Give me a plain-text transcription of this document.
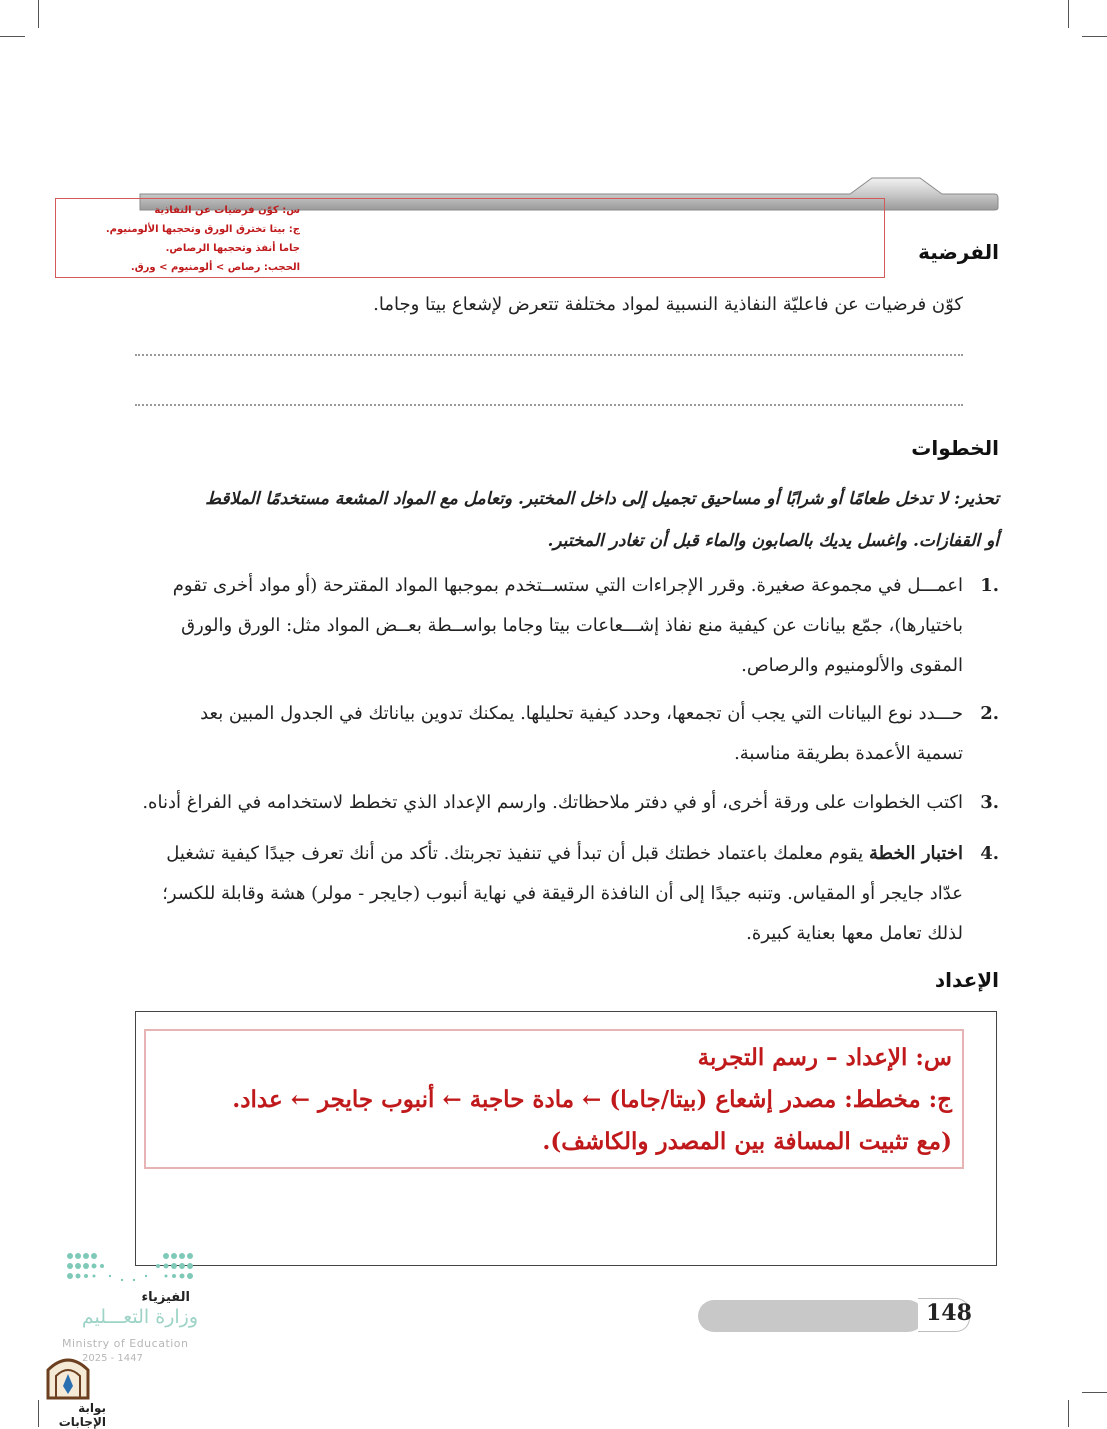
س: كوّن فرضيات عن النفاذية
ج: بيتا تخترق الورق وتحجبها الألومنيوم.
جاما أنفذ وتحجبها الرصاص.
الحجب: رصاص > ألومنيوم > ورق.
الفرضية
كوّن فرضيات عن فاعليّة النفاذية النسبية لمواد مختلفة تتعرض لإشعاع بيتا وجاما.
الخطوات
تحذير: لا تدخل طعامًا أو شرابًا أو مساحيق تجميل إلى داخل المختبر. وتعامل مع المواد المشعة مستخدمًا الملاقط
أو القفازات. واغسل يديك بالصابون والماء قبل أن تغادر المختبر.
1.
اعمـــل في مجموعة صغيرة. وقرر الإجراءات التي ستســتخدم بموجبها المواد المقترحة (أو مواد أخرى تقوم
باختيارها)، جمّع بيانات عن كيفية منع نفاذ إشـــعاعات بيتا وجاما بواســطة بعــض المواد مثل: الورق والورق
المقوى والألومنيوم والرصاص.
2.
حـــدد نوع البيانات التي يجب أن تجمعها، وحدد كيفية تحليلها. يمكنك تدوين بياناتك في الجدول المبين بعد
تسمية الأعمدة بطريقة مناسبة.
3.
اكتب الخطوات على ورقة أخرى، أو في دفتر ملاحظاتك. وارسم الإعداد الذي تخطط لاستخدامه في الفراغ أدناه.
4.
اختبار الخطة يقوم معلمك باعتماد خطتك قبل أن تبدأ في تنفيذ تجربتك. تأكد من أنك تعرف جيدًا كيفية تشغيل
عدّاد جايجر أو المقياس. وتنبه جيدًا إلى أن النافذة الرقيقة في نهاية أنبوب (جايجر - مولر) هشة وقابلة للكسر؛
لذلك تعامل معها بعناية كبيرة.
الإعداد
س: الإعداد – رسم التجربة
ج: مخطط: مصدر إشعاع (بيتا/جاما) ← مادة حاجبة ← أنبوب جايجر ← عداد.
(مع تثبيت المسافة بين المصدر والكاشف).
الفيزياء
وزارة التعـــليم
Ministry of Education
2025 - 1447
بوابة الإجابات
148
